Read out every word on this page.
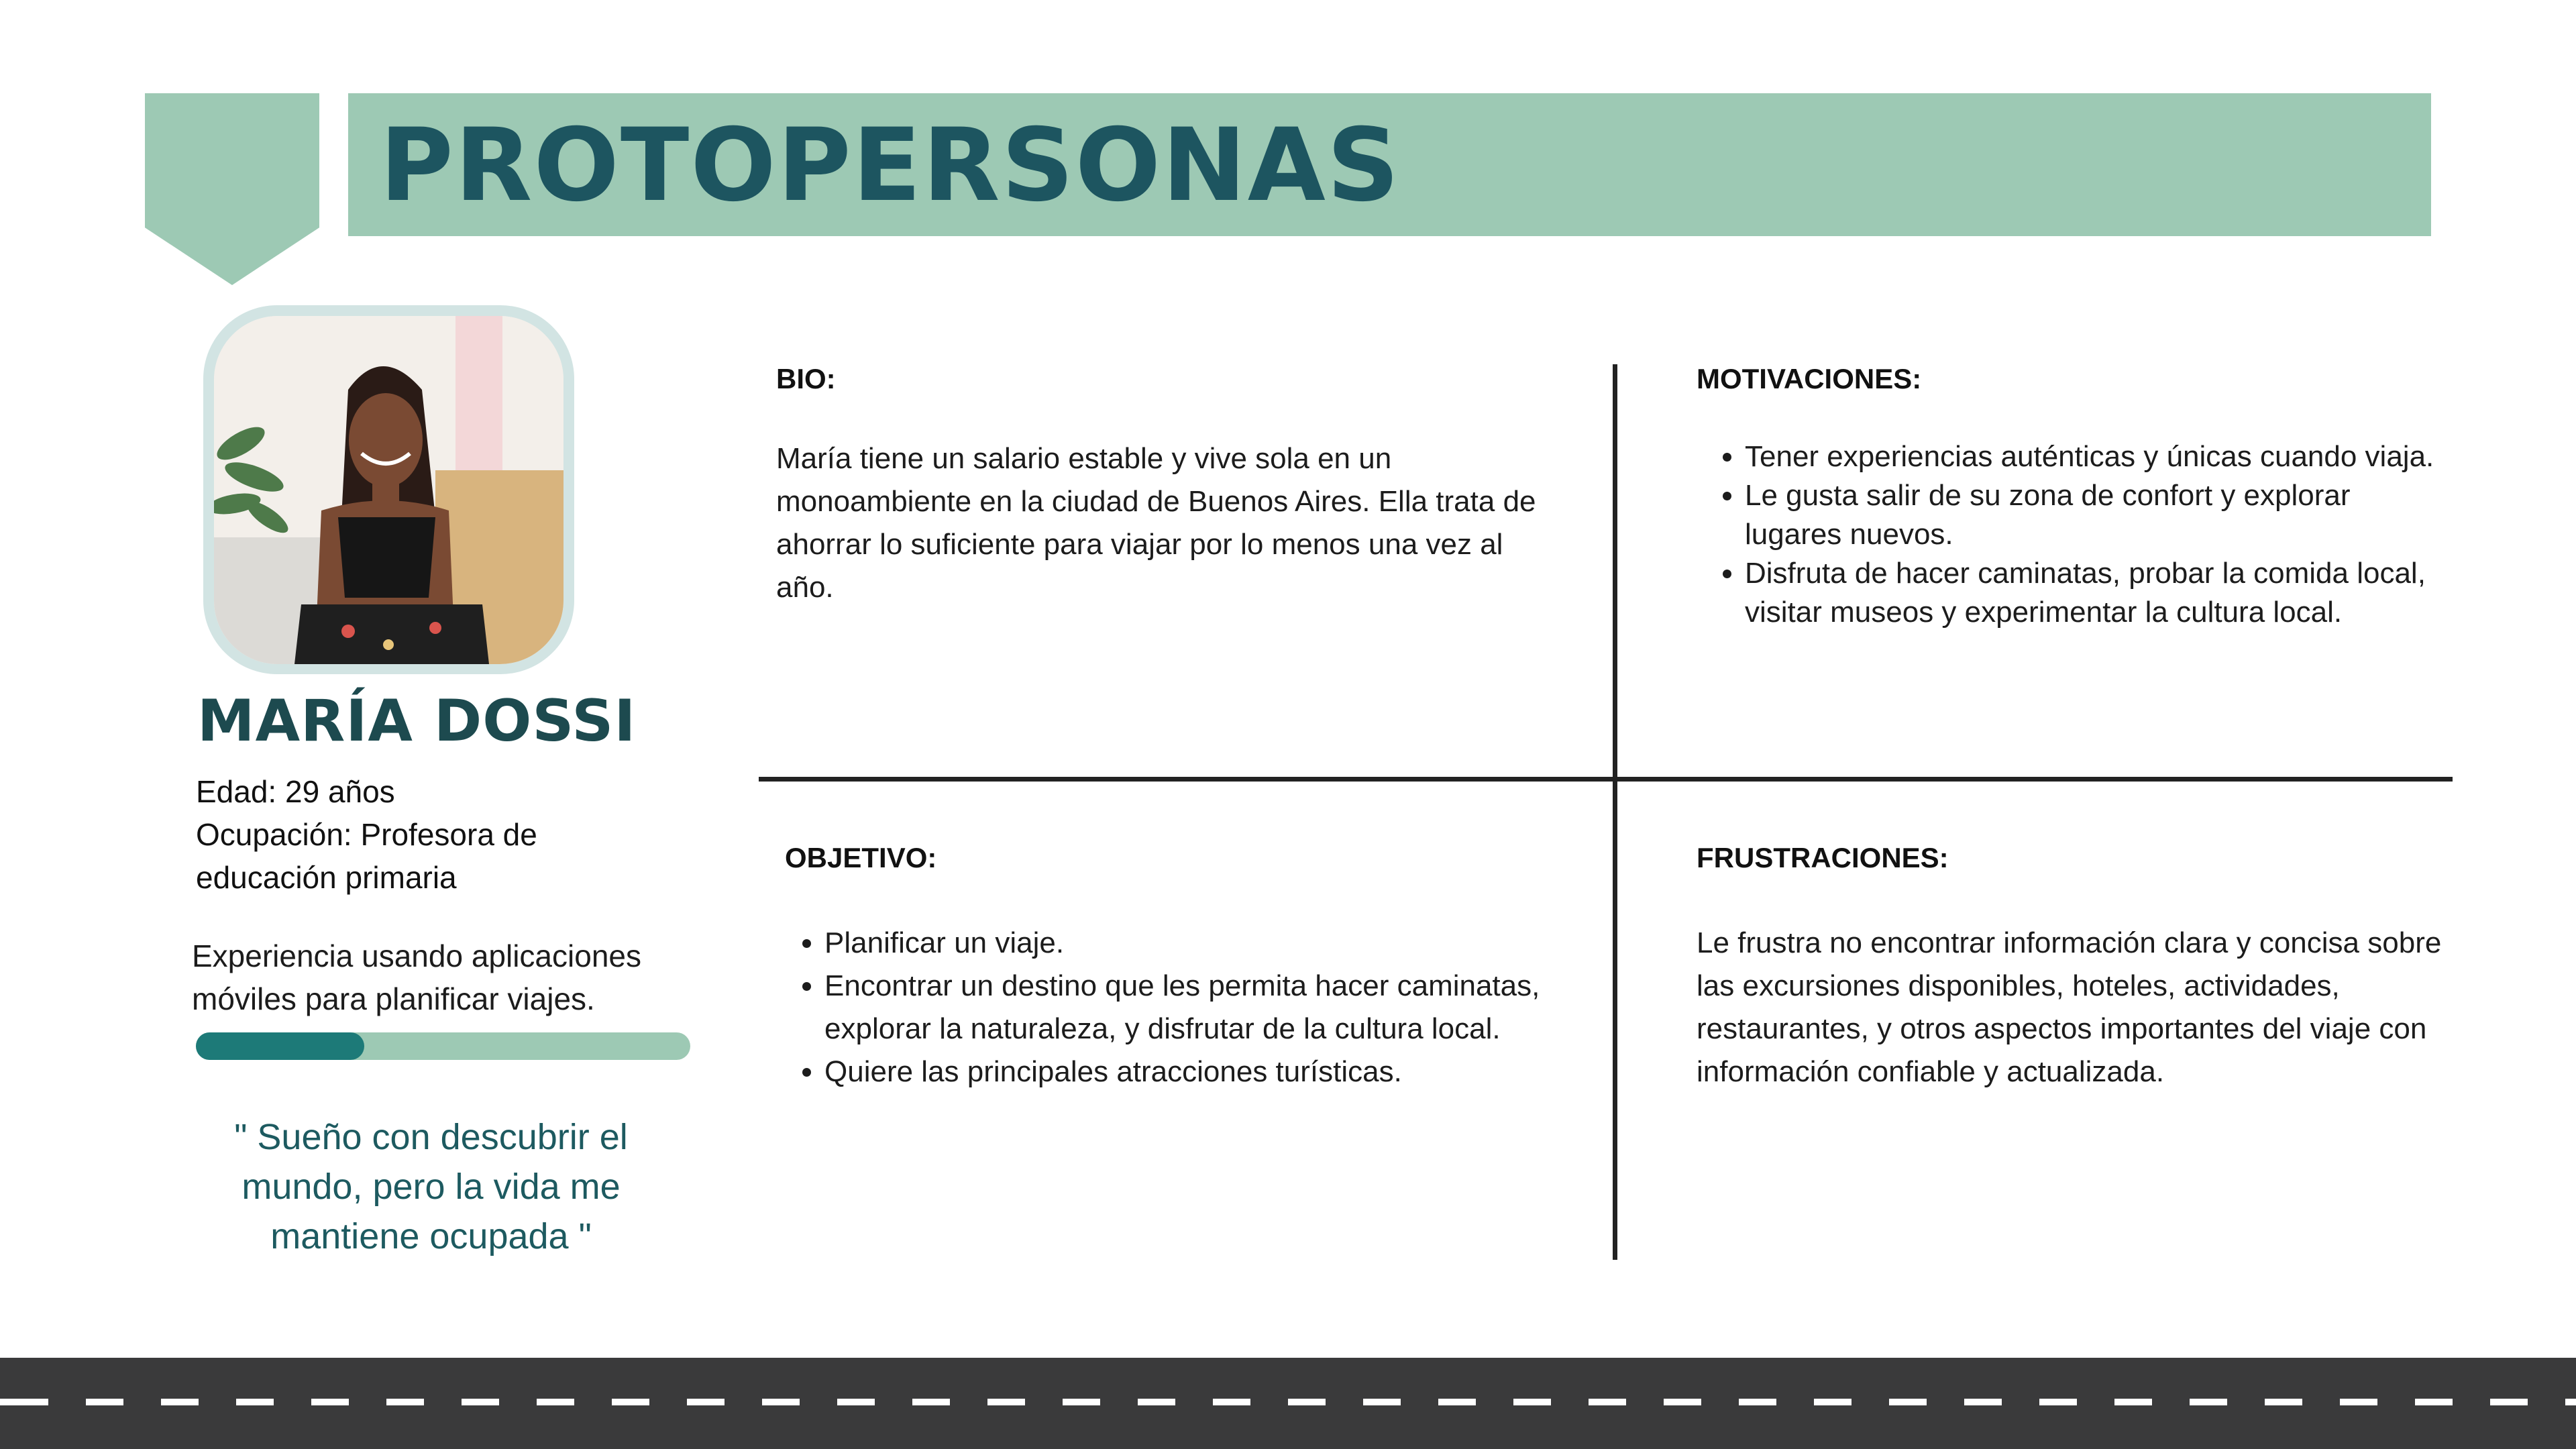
PROTOPERSONAS
MARÍA DOSSI
Edad: 29 años
Ocupación: Profesora de
educación primaria
Experiencia usando aplicaciones móviles para planificar viajes.
" Sueño con descubrir el mundo, pero la vida me mantiene ocupada "
BIO:
María tiene un salario estable y vive sola en un monoambiente en la ciudad de Buenos Aires. Ella trata de ahorrar lo suficiente para viajar por lo menos una vez al año.
MOTIVACIONES:
• Tener experiencias auténticas y únicas cuando viaja.
• Le gusta salir de su zona de confort y explorar lugares nuevos.
• Disfruta de hacer caminatas, probar la comida local, visitar museos y experimentar la cultura local.
OBJETIVO:
• Planificar un viaje.
• Encontrar un destino que les permita hacer caminatas, explorar la naturaleza, y disfrutar de la cultura local.
• Quiere las principales atracciones turísticas.
FRUSTRACIONES:
Le frustra no encontrar información clara y concisa sobre las excursiones disponibles, hoteles, actividades, restaurantes, y otros aspectos importantes del viaje con información confiable y actualizada.
